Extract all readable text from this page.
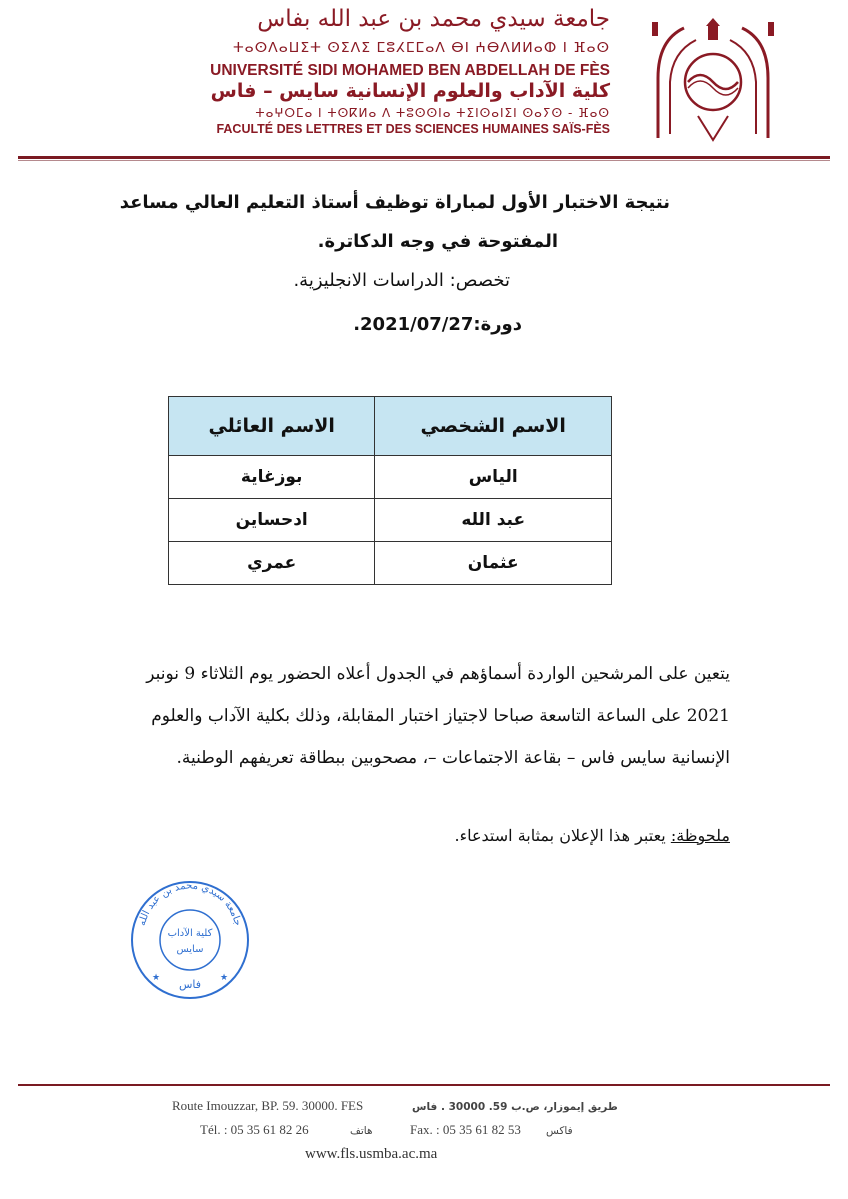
جامعة سيدي محمد بن عبد الله بفاس
ⵜⴰⵙⴷⴰⵡⵉⵜ ⵙⵉⴷⵉ ⵎⵓⵃⵎⵎⴰⴷ ⴱⵏ ⵄⴱⴷⵍⵍⴰⵀ ⵏ ⴼⴰⵙ
UNIVERSITÉ SIDI MOHAMED BEN ABDELLAH DE FÈS
كلية الآداب والعلوم الإنسانية سايس – فاس
ⵜⴰⵖⵔⵎⴰ ⵏ ⵜⵙⴽⵍⴰ ⴷ ⵜⵓⵙⵙⵏⴰ ⵜⵉⵏⵙⴰⵏⵉⵏ ⵙⴰⵢⵙ - ⴼⴰⵙ
FACULTÉ DES LETTRES ET DES SCIENCES HUMAINES SAÏS-FÈS
نتيجة الاختبار الأول لمباراة توظيف أستاذ التعليم العالي مساعد
المفتوحة في وجه الدكاترة.
تخصص: الدراسات الانجليزية.
دورة:2021/07/27.
الاسم الشخصي	الاسم العائلي
الياس	بوزغاية
عبد الله	ادحساين
عثمان	عمري
يتعين على المرشحين الواردة أسماؤهم في الجدول أعلاه الحضور يوم الثلاثاء 9 نونبر
2021 على الساعة التاسعة صباحا لاجتياز اختبار المقابلة، وذلك بكلية الآداب والعلوم
الإنسانية سايس فاس – بقاعة الاجتماعات –، مصحوبين ببطاقة تعريفهم الوطنية.
ملحوظة: يعتبر هذا الإعلان بمثابة استدعاء.
جامعة سيدي محمد بن عبد الله
كلية الآداب
سايس
فاس
★	★
Route Imouzzar, BP. 59. 30000. FES	طريق إيموزار، ص.ب 59. 30000 . فاس
Tél. : 05 35 61 82 26	هاتف	Fax. : 05 35 61 82 53 فاكس
www.fls.usmba.ac.ma
